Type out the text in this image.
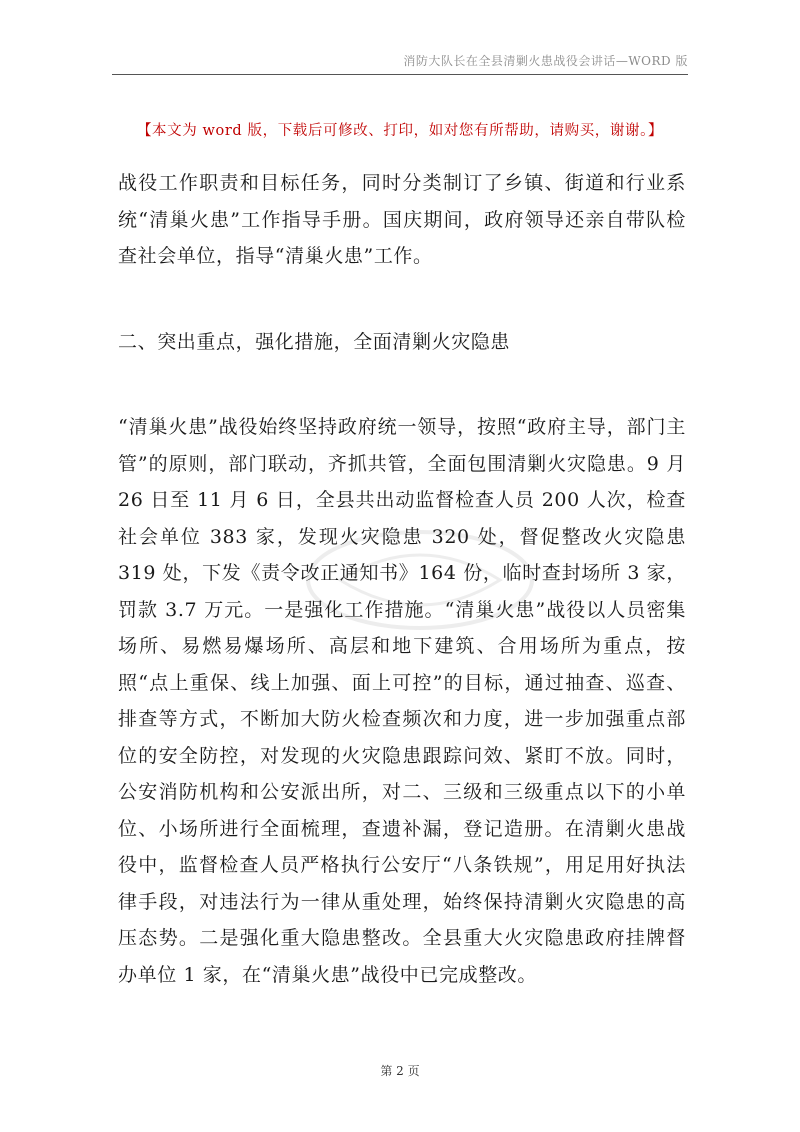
消防大队长在全县清剿火患战役会讲话—WORD 版
【本文为 word 版，下载后可修改、打印，如对您有所帮助，请购买，谢谢。】

战役工作职责和目标任务，同时分类制订了乡镇、街道和行业系统“清巢火患”工作指导手册。国庆期间，政府领导还亲自带队检查社会单位，指导“清巢火患”工作。

二、突出重点，强化措施，全面清剿火灾隐患

“清巢火患”战役始终坚持政府统一领导，按照“政府主导，部门主管”的原则，部门联动，齐抓共管，全面包围清剿火灾隐患。9 月 26 日至 11 月 6 日，全县共出动监督检查人员 200 人次，检查社会单位 383 家，发现火灾隐患 320 处，督促整改火灾隐患 319 处，下发《责令改正通知书》164 份，临时查封场所 3 家，罚款 3.7 万元。一是强化工作措施。“清巢火患”战役以人员密集场所、易燃易爆场所、高层和地下建筑、合用场所为重点，按照“点上重保、线上加强、面上可控”的目标，通过抽查、巡查、排查等方式，不断加大防火检查频次和力度，进一步加强重点部位的安全防控，对发现的火灾隐患跟踪问效、紧盯不放。同时，公安消防机构和公安派出所，对二、三级和三级重点以下的小单位、小场所进行全面梳理，查遗补漏，登记造册。在清剿火患战役中，监督检查人员严格执行公安厅“八条铁规”，用足用好执法律手段，对违法行为一律从重处理，始终保持清剿火灾隐患的高压态势。二是强化重大隐患整改。全县重大火灾隐患政府挂牌督办单位 1 家，在“清巢火患”战役中已完成整改。

第 2 页
